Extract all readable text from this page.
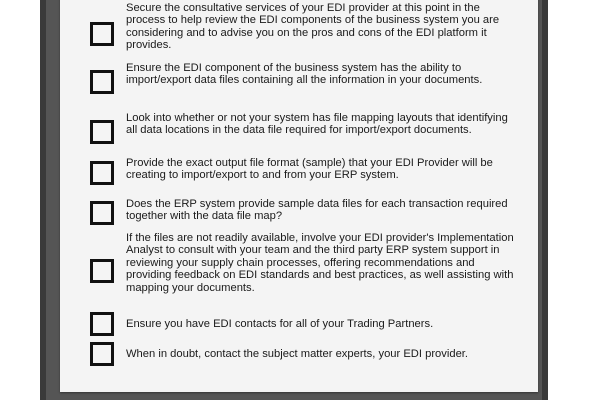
Secure the consultative services of your EDI provider at this point in the process to help review the EDI components of the business system you are considering and to advise you on the pros and cons of the EDI platform it provides.
Ensure the EDI component of the business system has the ability to import/export data files containing all the information in your documents.
Look into whether or not your system has file mapping layouts that identifying all data locations in the data file required for import/export documents.
Provide the exact output file format (sample) that your EDI Provider will be creating to import/export to and from your ERP system.
Does the ERP system provide sample data files for each transaction required together with the data file map?
If the files are not readily available, involve your EDI provider's Implementation Analyst to consult with your team and the third party ERP system support in reviewing your supply chain processes, offering recommendations and providing feedback on EDI standards and best practices, as well assisting with mapping your documents.
Ensure you have EDI contacts for all of your Trading Partners.
When in doubt, contact the subject matter experts, your EDI provider.
